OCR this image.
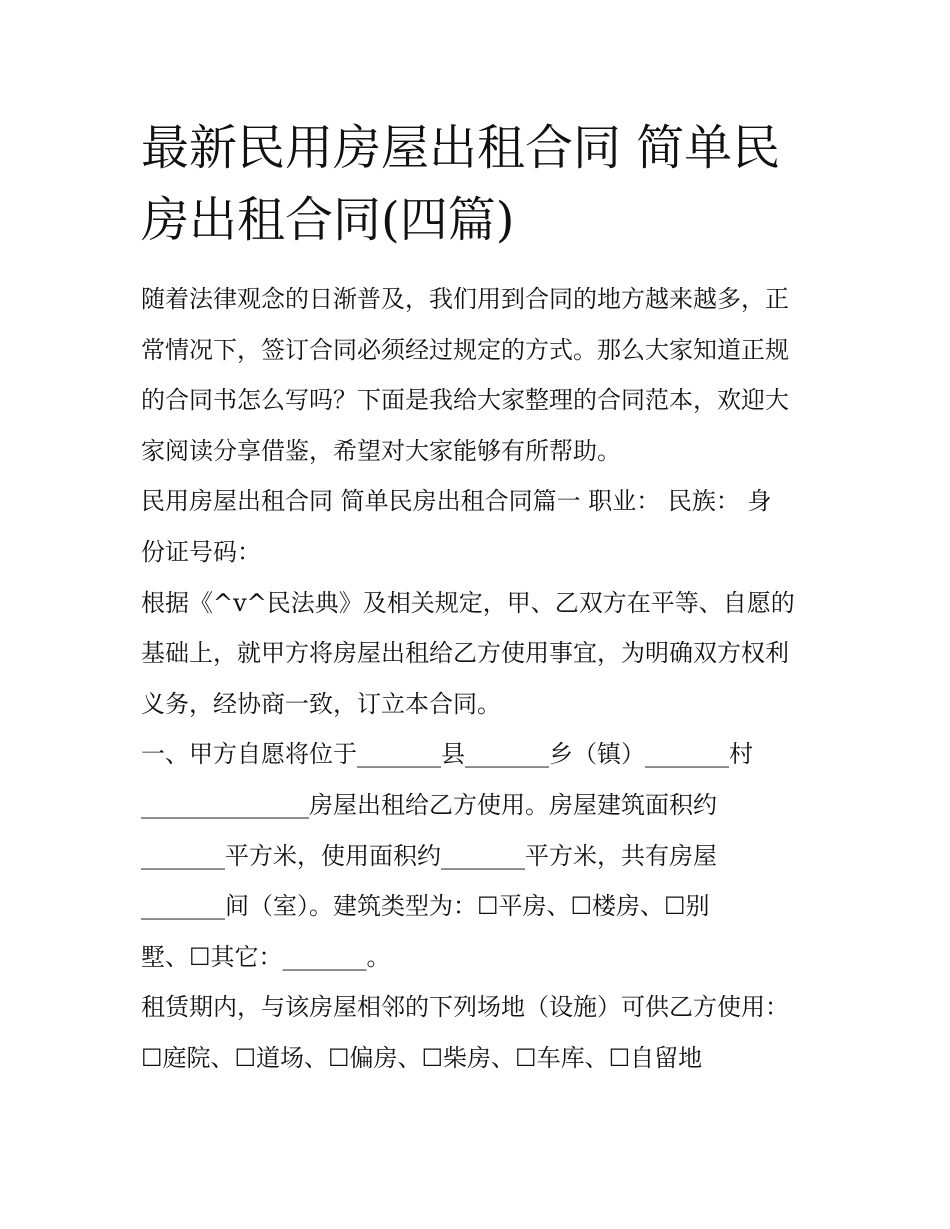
最新民用房屋出租合同 简单民
房出租合同(四篇)
随着法律观念的日渐普及，我们用到合同的地方越来越多，正
常情况下，签订合同必须经过规定的方式。那么大家知道正规
的合同书怎么写吗？下面是我给大家整理的合同范本，欢迎大
家阅读分享借鉴，希望对大家能够有所帮助。
民用房屋出租合同 简单民房出租合同篇一 职业： 民族： 身
份证号码：
根据《^v^民法典》及相关规定，甲、乙双方在平等、自愿的
基础上，就甲方将房屋出租给乙方使用事宜，为明确双方权利
义务，经协商一致，订立本合同。
一、甲方自愿将位于_______县_______乡（镇）_______村
______________房屋出租给乙方使用。房屋建筑面积约
_______平方米，使用面积约_______平方米，共有房屋
_______间（室）。建筑类型为：☐平房、☐楼房、☐别
墅、☐其它：_______。
租赁期内，与该房屋相邻的下列场地（设施）可供乙方使用：
☐庭院、☐道场、☐偏房、☐柴房、☐车库、☐自留地
